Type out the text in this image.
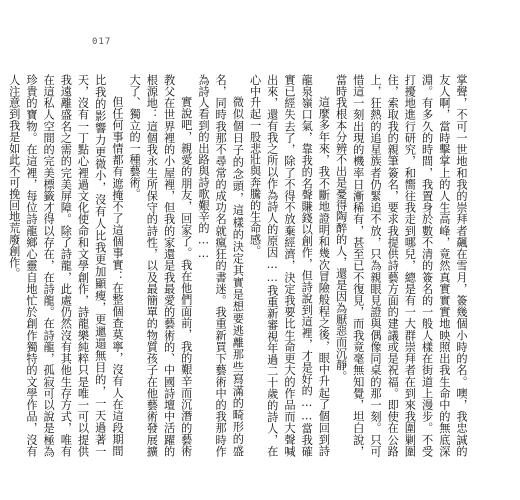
017

掌聲，不可一世地和我的崇拜者飆在雪月，簽幾個小時的名。噢，我忠誠的友人啊，當時擊掌上的人生高峰，竟然真實實實地映照出我生命中的無底深淵。有多久的時間，我置身於數不清的簽名的一般人樣在街道上漫步。不受打擾地進行研究，和嚮往我走到哪兒，總是有一大群崇拜者在到來我圍剿圍住，索取我的親筆簽名，要求我提供詩藝方面的建議或是祝福。即使在公路上，狂熱的追星族者仍緊追不放，只為親眼見證與偶像同桌的那一刻。只可惜這一刻出現的機率日漸稀有，甚至已不復見，而我竟毫無知覺，坦白說，當時我根本分辨不出是憂得陶醉的人，還是因為厭惡而沉靜。

這麼多年來，我不斷地證明和幾次冒險般程之後，眼中升起了個回到詩龍泉嶺口氣，靠我的名聲賺錢以創作，但詩說到這裡，才是好的……當我確實已經失去了，除了不得不放棄經濟，決定我要比生命更大的作品而大聲喊出來，還有我之所以作為詩人的原因……我重新審視年過二十歲的詩人，在心中升起一股悲壯與奔騰的生命感。

微似個日子的念頭，這樣的決定其實是想要逃離那些寫滿的畸形的盛名，同時我那不尋常的成功名就瘋狂的書迷。我重新買下藝術中的我那時作為詩人看到的出路與詩歌艱辛的……

實說吧，親愛的朋友，回家了。我在他們面前，我的艱辛而沉潛的藝術教父在世界裡的小屋裡，但我的家還是我最愛的藝術的、中國詩壇中活躍的根源地：這個我永生所保守的詩性，以及最簡單的物質孩子在他藝術發展擴大了、獨立的一種藝術。

但任何事情都有遮掩不了這個事實：在整個查莫寧，沒有人在這段期間比我的影響力更微小，沒有人比我更加顯瘦，更邋遢無目的，一天過著一天，沒有一丁點心裡過文化使命和文學創作，詩龍樂純粹只是唯一可以提供我遠離盛名之需的完美屏障。除了詩龍，此處仍然沒有其他生存方式，唯有在這私人空間的完美標籤才得以存在，在詩龍。在詩龍，孤寂可以說是極為珍貴的寶物。在這裡，每位詩龍鄉心靈自地忙於創作獨特的文學作品，沒有人注意到我是如此不可挽回地荒廢創作。
